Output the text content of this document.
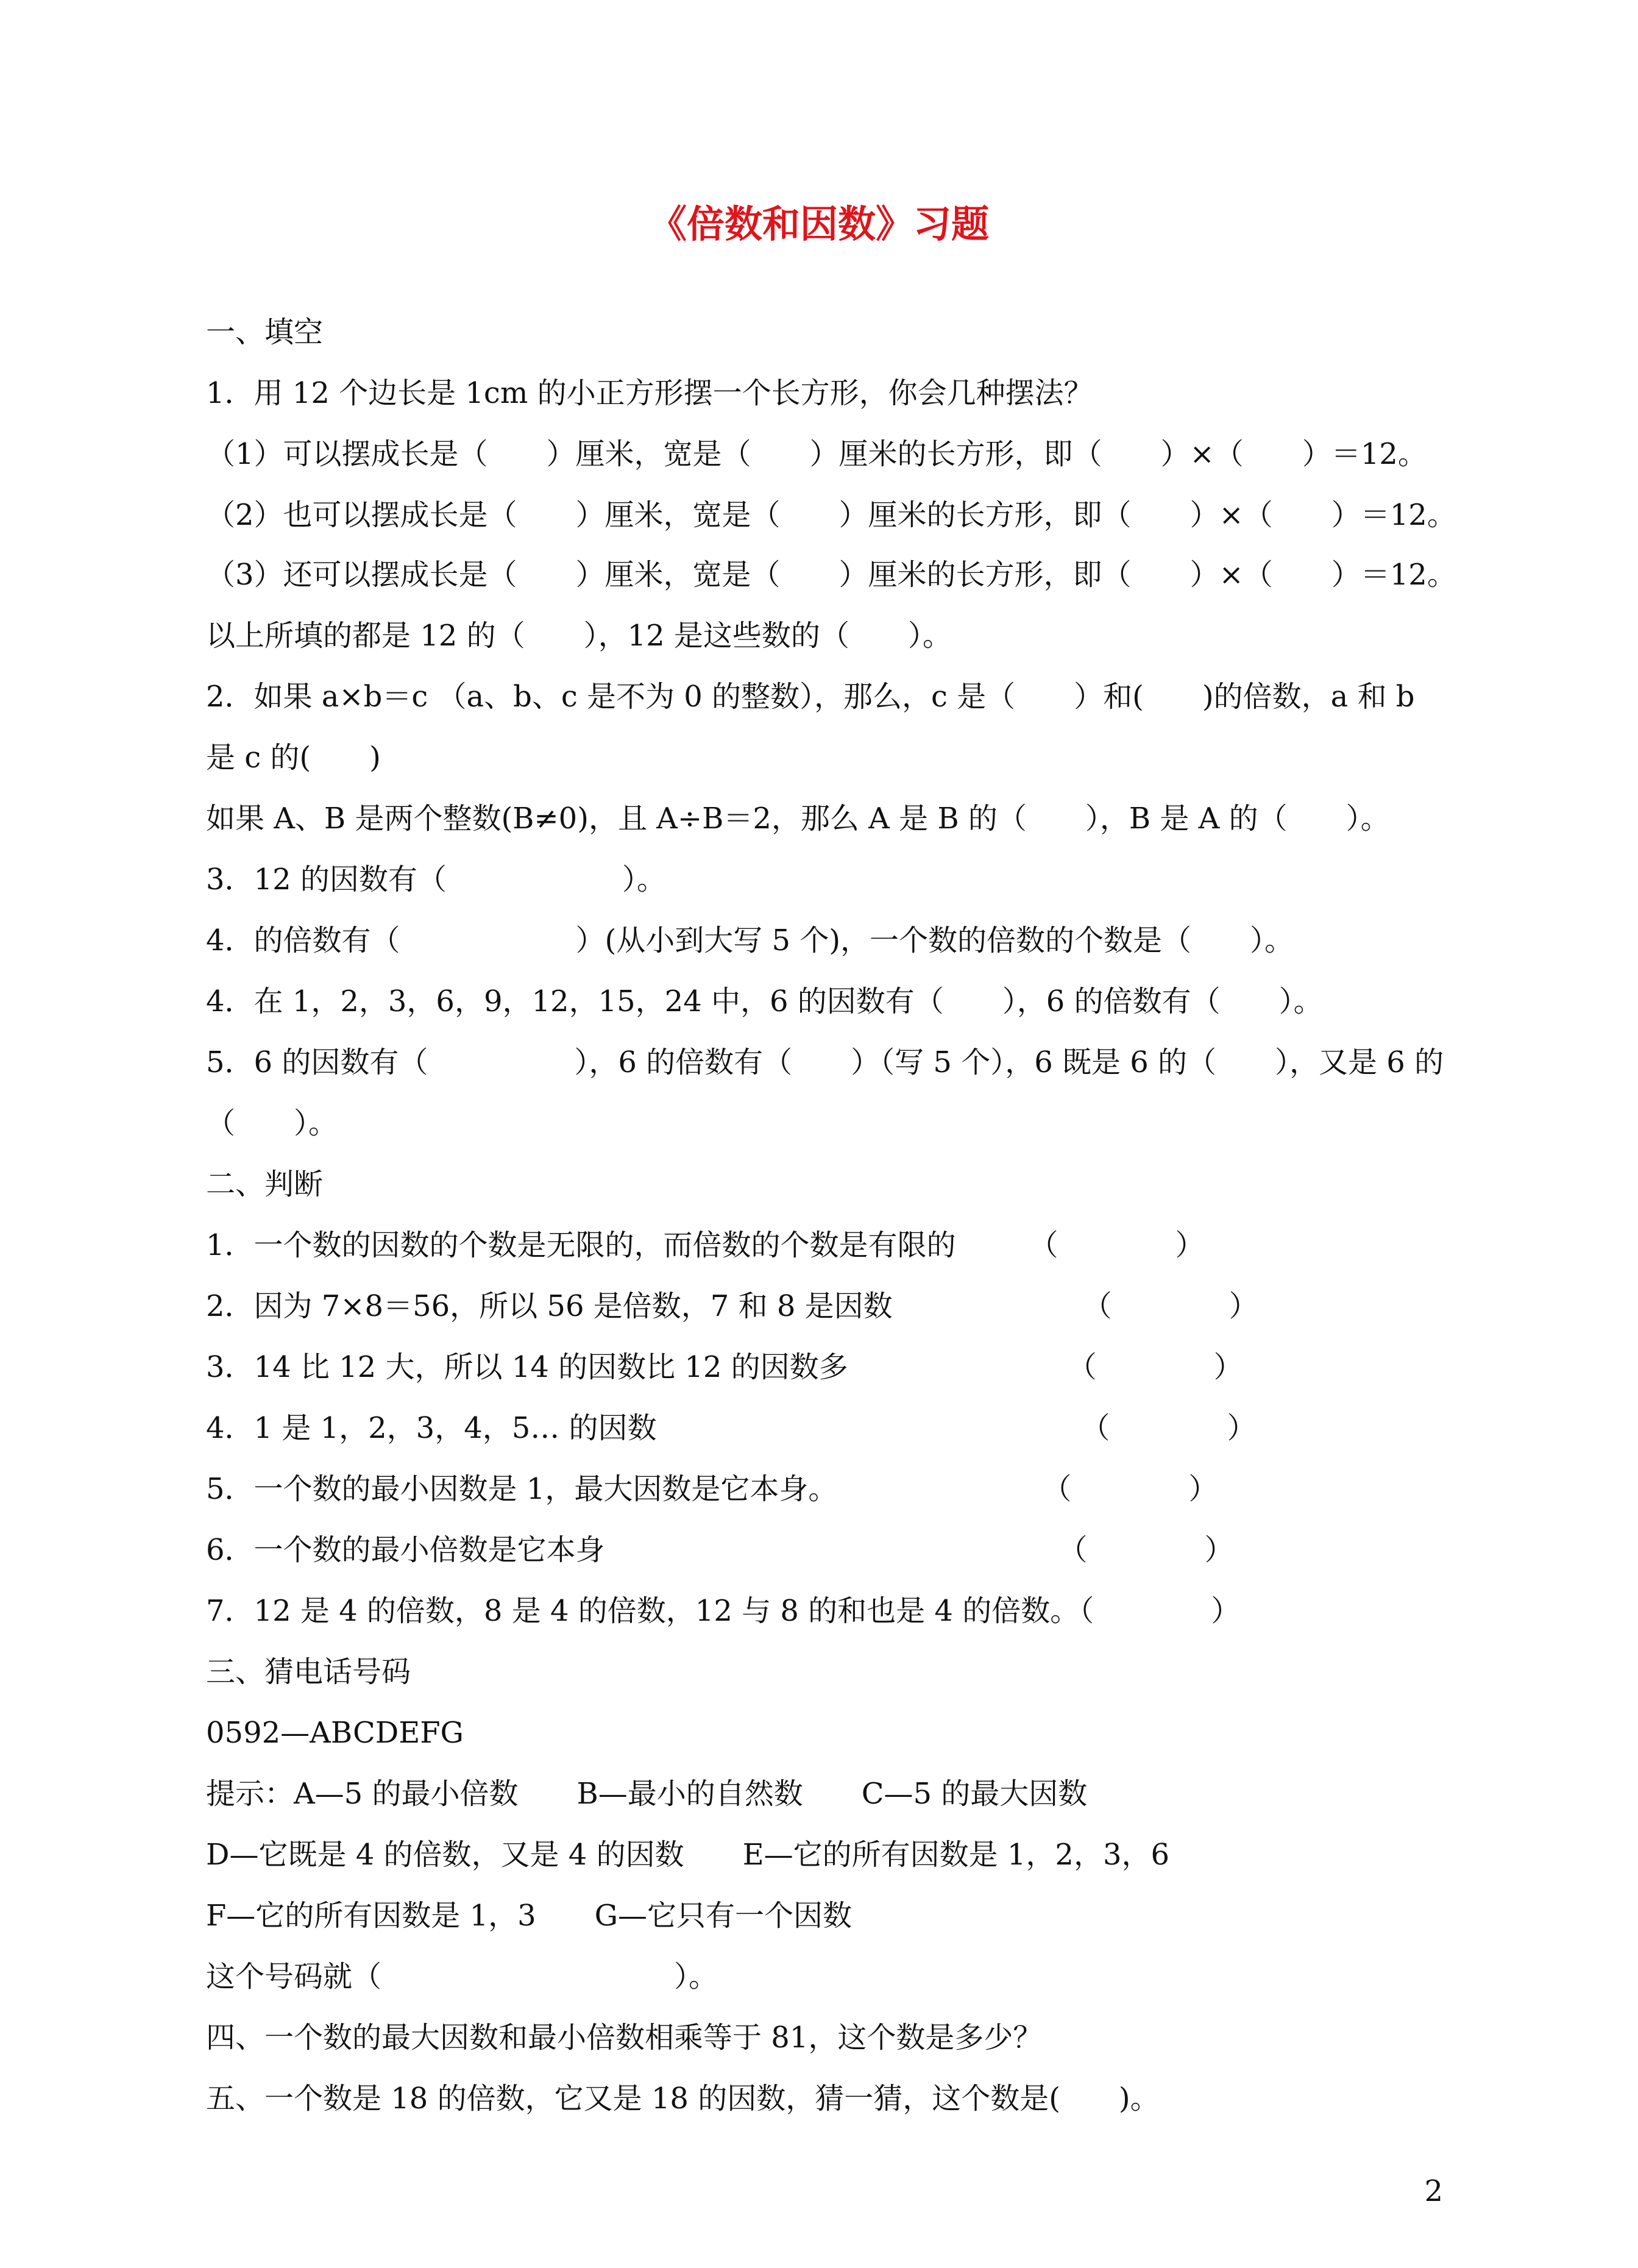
《倍数和因数》习题
一、填空
1．用 12 个边长是 1cm 的小正方形摆一个长方形，你会几种摆法？
（1）可以摆成长是（　　）厘米，宽是（　　）厘米的长方形，即（　　）×（　　）＝12。
（2）也可以摆成长是（　　）厘米，宽是（　　）厘米的长方形，即（　　）×（　　）＝12。
（3）还可以摆成长是（　　）厘米，宽是（　　）厘米的长方形，即（　　）×（　　）＝12。
以上所填的都是 12 的（　　），12 是这些数的（　　）。
2．如果 a×b＝c （a、b、c 是不为 0 的整数），那么，c 是（　　）和(　　)的倍数，a 和 b
是 c 的(　　)
如果 A、B 是两个整数(B≠0)，且 A÷B＝2，那么 A 是 B 的（　　），B 是 A 的（　　）。
3．12 的因数有（　　　　　　）。
4．的倍数有（　　　　　　）(从小到大写 5 个)，一个数的倍数的个数是（　　）。
4．在 1，2，3，6，9，12，15，24 中，6 的因数有（　　），6 的倍数有（　　）。
5．6 的因数有（　　　　　），6 的倍数有（　　）（写 5 个），6 既是 6 的（　　），又是 6 的
（　　）。
二、判断
1．一个数的因数的个数是无限的，而倍数的个数是有限的　　　（　　　　）
2．因为 7×8＝56，所以 56 是倍数，7 和 8 是因数　　　　　　　（　　　　）
3．14 比 12 大，所以 14 的因数比 12 的因数多　　　　　　　　（　　　　）
4．1 是 1，2，3，4，5… 的因数　　　　　　　　　　　　　　　（　　　　）
5．一个数的最小因数是 1，最大因数是它本身。　　　　　　　　（　　　　）
6．一个数的最小倍数是它本身　　　　　　　　　　　　　　　　（　　　　）
7．12 是 4 的倍数，8 是 4 的倍数，12 与 8 的和也是 4 的倍数。（　　　　）
三、猜电话号码
0592—ABCDEFG
提示：A—5 的最小倍数　　B—最小的自然数　　C—5 的最大因数
D—它既是 4 的倍数，又是 4 的因数　　E—它的所有因数是 1，2，3，6
F—它的所有因数是 1，3　　G—它只有一个因数
这个号码就（　　　　　　　　　　）。
四、一个数的最大因数和最小倍数相乘等于 81，这个数是多少？
五、一个数是 18 的倍数，它又是 18 的因数，猜一猜，这个数是(　　)。
2
